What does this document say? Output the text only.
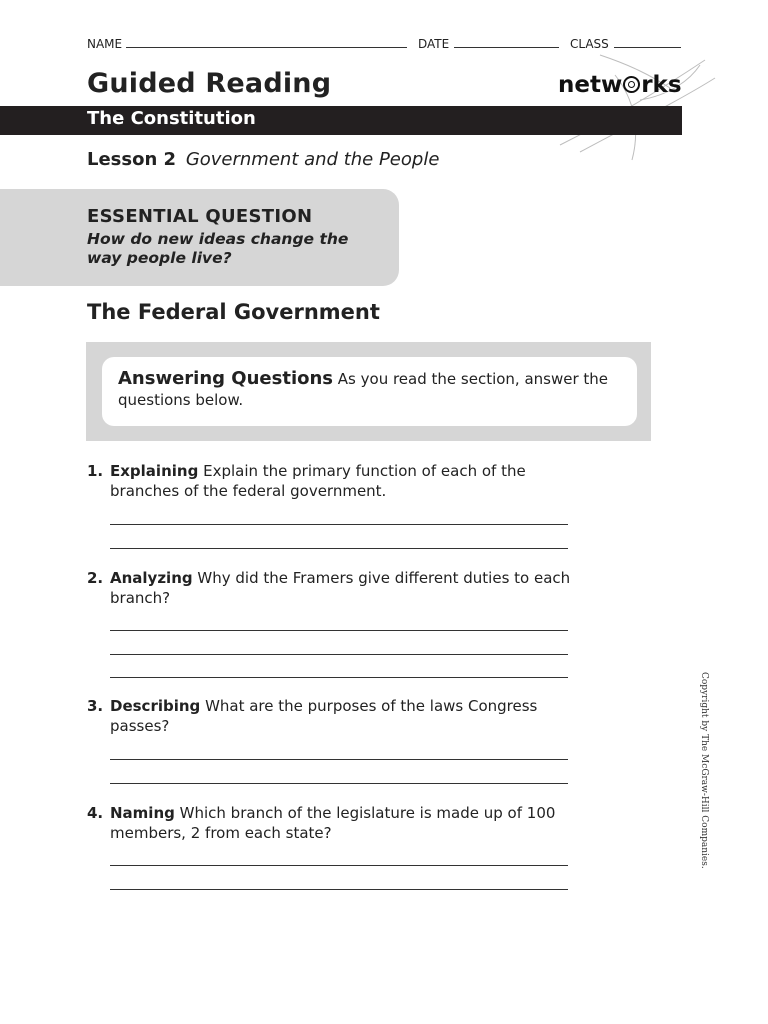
NAME	DATE	CLASS
Guided Reading	netw rks
The Constitution
Lesson 2 Government and the People
ESSENTIAL QUESTION
How do new ideas change the way people live?
The Federal Government
Answering Questions As you read the section, answer the questions below.
1. Explaining Explain the primary function of each of the branches of the federal government.
2. Analyzing Why did the Framers give different duties to each branch?
3. Describing What are the purposes of the laws Congress passes?
4. Naming Which branch of the legislature is made up of 100 members, 2 from each state?	Copyright by The McGraw-Hill Companies.
